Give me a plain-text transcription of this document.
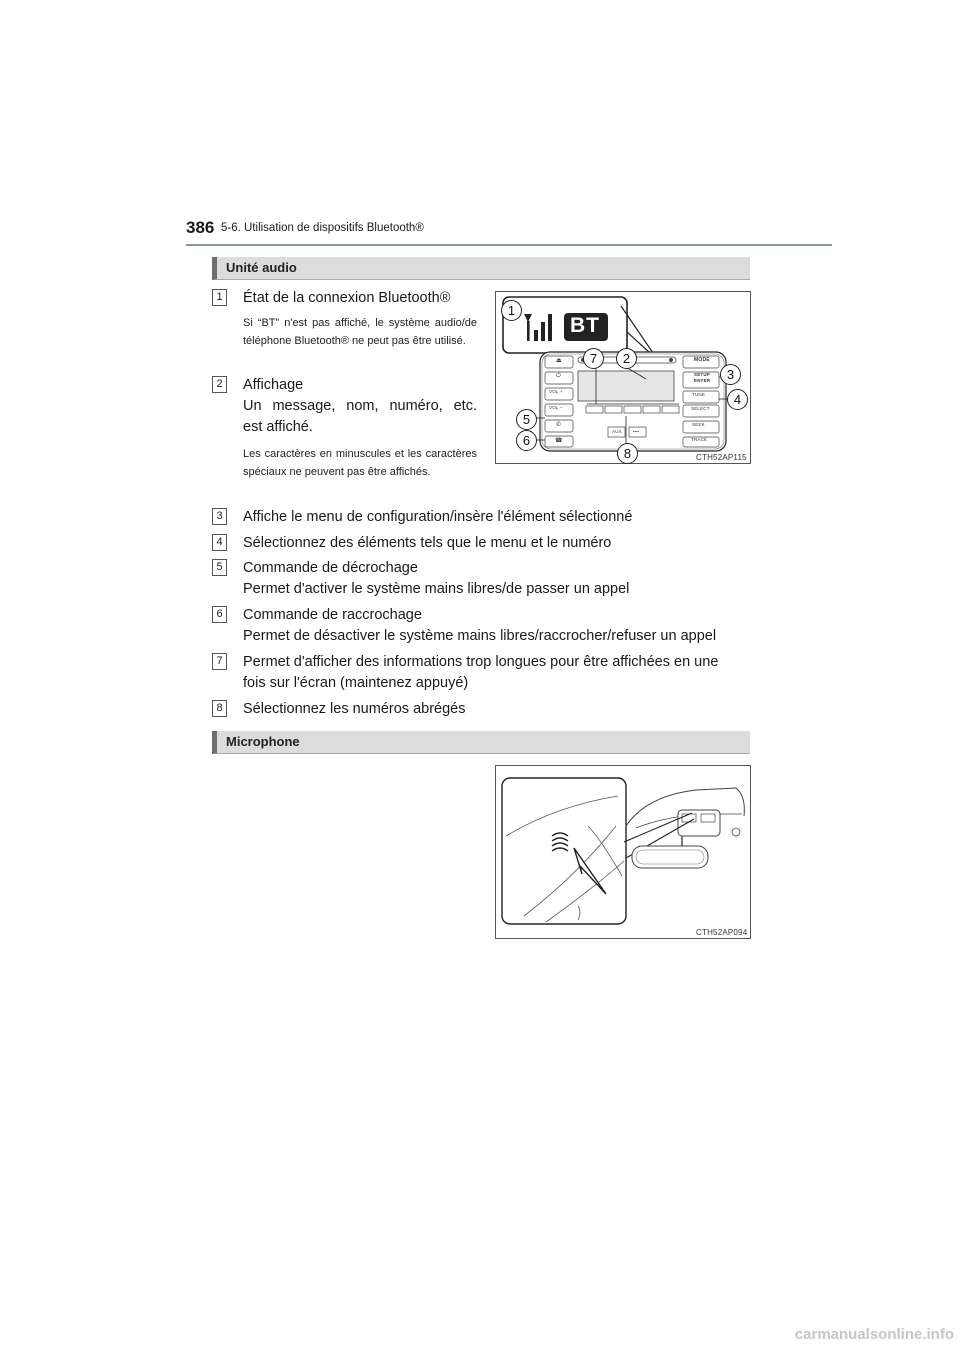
386 5-6. Utilisation de dispositifs Bluetooth®
Unité audio
1	État de la connexion Bluetooth®
Si “BT” n'est pas affiché, le système audio/de téléphone Bluetooth® ne peut pas être utilisé.
2	Affichage
Un message, nom, numéro, etc.
est affiché.
Les caractères en minuscules et les caractères spéciaux ne peuvent pas être affichés.
MODE
SETUP
ENTER
TUNE
SELECT
SEEK
TRACK
VOL +
VOL −
AUX •⊷
⏏
⏻
✆
☎
BT
1
2
3
4
5
6
7
8	CTH52AP115
3	Affiche le menu de configuration/insère l'élément sélectionné
4	Sélectionnez des éléments tels que le menu et le numéro
5	Commande de décrochage
Permet d'activer le système mains libres/de passer un appel
6	Commande de raccrochage
Permet de désactiver le système mains libres/raccrocher/refuser un appel
7	Permet d'afficher des informations trop longues pour être affichées en une
fois sur l'écran (maintenez appuyé)
8	Sélectionnez les numéros abrégés
Microphone
CTH52AP094
carmanualsonline.info
